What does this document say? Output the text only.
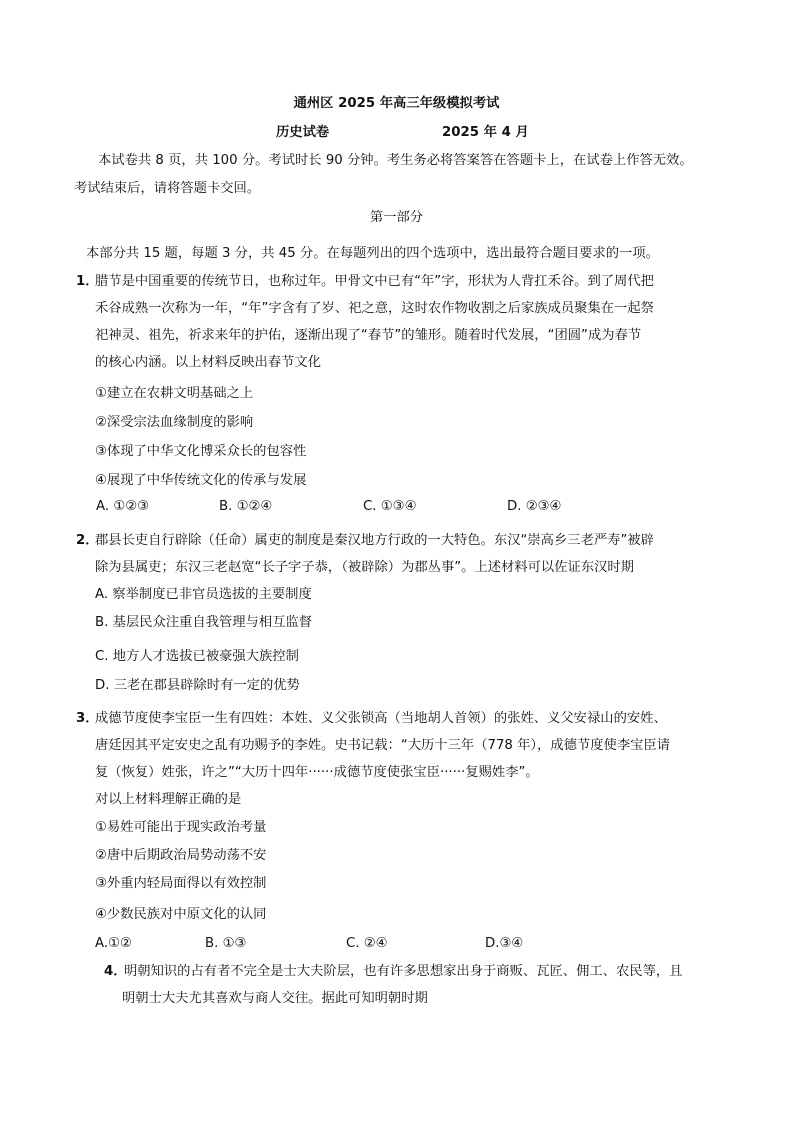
通州区 2025 年高三年级模拟考试
历史试卷	2025 年 4 月
本试卷共 8 页，共 100 分。考试时长 90 分钟。考生务必将答案答在答题卡上，在试卷上作答无效。
考试结束后，请将答题卡交回。
第一部分
本部分共 15 题，每题 3 分，共 45 分。在每题列出的四个选项中，选出最符合题目要求的一项。
1．
腊节是中国重要的传统节日，也称过年。甲骨文中已有“年”字，形状为人背扛禾谷。到了周代把
禾谷成熟一次称为一年，“年”字含有了岁、祀之意，这时农作物收割之后家族成员聚集在一起祭
祀神灵、祖先，祈求来年的护佑，逐渐出现了“春节”的雏形。随着时代发展，“团圆”成为春节
的核心内涵。以上材料反映出春节文化
①建立在农耕文明基础之上
②深受宗法血缘制度的影响
③体现了中华文化博采众长的包容性
④展现了中华传统文化的传承与发展
A. ①②③	B. ①②④	C. ①③④	D. ②③④
2．
郡县长吏自行辟除（任命）属吏的制度是秦汉地方行政的一大特色。东汉“崇高乡三老严寿”被辟
除为县属吏；东汉三老赵宽“长子字子恭，（被辟除）为郡丛事”。上述材料可以佐证东汉时期
A. 察举制度已非官员选拔的主要制度
B. 基层民众注重自我管理与相互监督
C. 地方人才选拔已被豪强大族控制
D. 三老在郡县辟除时有一定的优势
3．
成德节度使李宝臣一生有四姓：本姓、义父张锁高（当地胡人首领）的张姓、义父安禄山的安姓、
唐廷因其平定安史之乱有功赐予的李姓。史书记载：“大历十三年（778 年），成德节度使李宝臣请
复（恢复）姓张，许之”“大历十四年······成德节度使张宝臣······复赐姓李”。
对以上材料理解正确的是
①易姓可能出于现实政治考量
②唐中后期政治局势动荡不安
③外重内轻局面得以有效控制
④少数民族对中原文化的认同
A.①②	B. ①③	C. ②④	D.③④
4．
明朝知识的占有者不完全是士大夫阶层，也有许多思想家出身于商贩、瓦匠、佣工、农民等，且
明朝士大夫尤其喜欢与商人交往。据此可知明朝时期
